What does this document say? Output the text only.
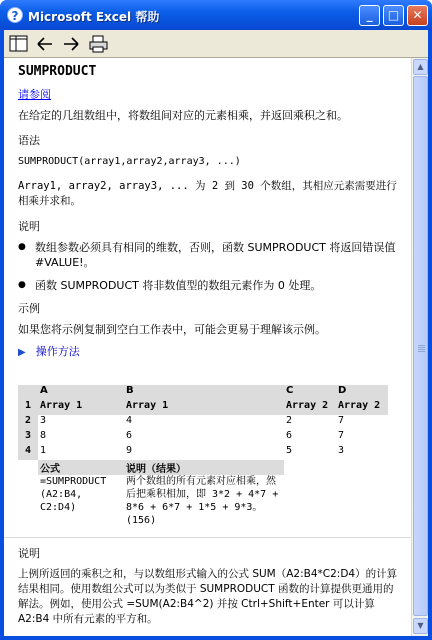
? Microsoft Excel 帮助	_	□	✕
SUMPRODUCT

请参阅

在给定的几组数组中，将数组间对应的元素相乘，并返回乘积之和。

语法

SUMPRODUCT(array1,array2,array3, ...)

Array1, array2, array3, ... 为 2 到 30 个数组，其相应元素需要进行相乘并求和。

说明

● 数组参数必须具有相同的维数，否则，函数 SUMPRODUCT 将返回错误值 #VALUE!。
● 函数 SUMPRODUCT 将非数值型的数组元素作为 0 处理。

示例

如果您将示例复制到空白工作表中，可能会更易于理解该示例。

▶ 操作方法
	A	B	C	D
1	Array 1	Array 1	Array 2	Array 2
2	3	4	2	7
3	8	6	6	7
4	1	9	5	3
	公式	说明（结果）		
	=SUMPRODUCT (A2:B4, C2:D4)	两个数组的所有元素对应相乘，然后把乘积相加，即 3*2 + 4*7 + 8*6 + 6*7 + 1*5 + 9*3。(156)		

说明

上例所返回的乘积之和，与以数组形式输入的公式 SUM（A2:B4*C2:D4）的计算结果相同。使用数组公式可以为类似于 SUMPRODUCT 函数的计算提供更通用的解法。例如，使用公式 =SUM(A2:B4^2) 并按 Ctrl+Shift+Enter 可以计算 A2:B4 中所有元素的平方和。

▲
▼
